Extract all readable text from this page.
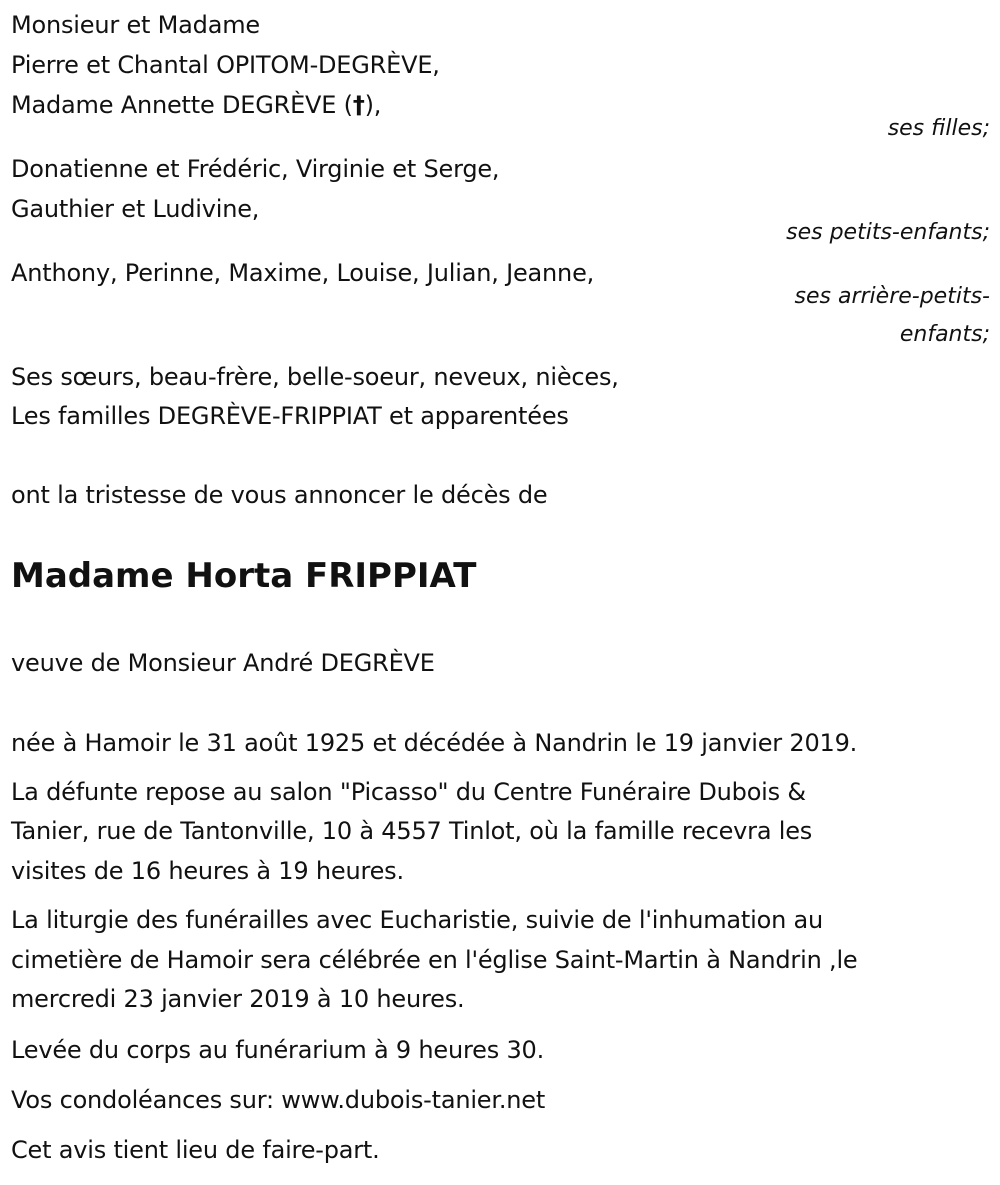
Monsieur et Madame
Pierre et Chantal OPITOM-DEGRÈVE,
Madame Annette DEGRÈVE (†),
ses filles;
Donatienne et Frédéric, Virginie et Serge,
Gauthier et Ludivine,
ses petits-enfants;
Anthony, Perinne, Maxime, Louise, Julian, Jeanne,
ses arrière-petits-
enfants;
Ses sœurs, beau-frère, belle-soeur, neveux, nièces,
Les familles DEGRÈVE-FRIPPIAT et apparentées
ont la tristesse de vous annoncer le décès de
Madame Horta FRIPPIAT
veuve de Monsieur André DEGRÈVE
née à Hamoir le 31 août 1925 et décédée à Nandrin le 19 janvier 2019.
La défunte repose au salon "Picasso" du Centre Funéraire Dubois &
Tanier, rue de Tantonville, 10 à 4557 Tinlot, où la famille recevra les
visites de 16 heures à 19 heures.
La liturgie des funérailles avec Eucharistie, suivie de l'inhumation au
cimetière de Hamoir sera célébrée en l'église Saint-Martin à Nandrin ,le
mercredi 23 janvier 2019 à 10 heures.
Levée du corps au funérarium à 9 heures 30.
Vos condoléances sur: www.dubois-tanier.net
Cet avis tient lieu de faire-part.
